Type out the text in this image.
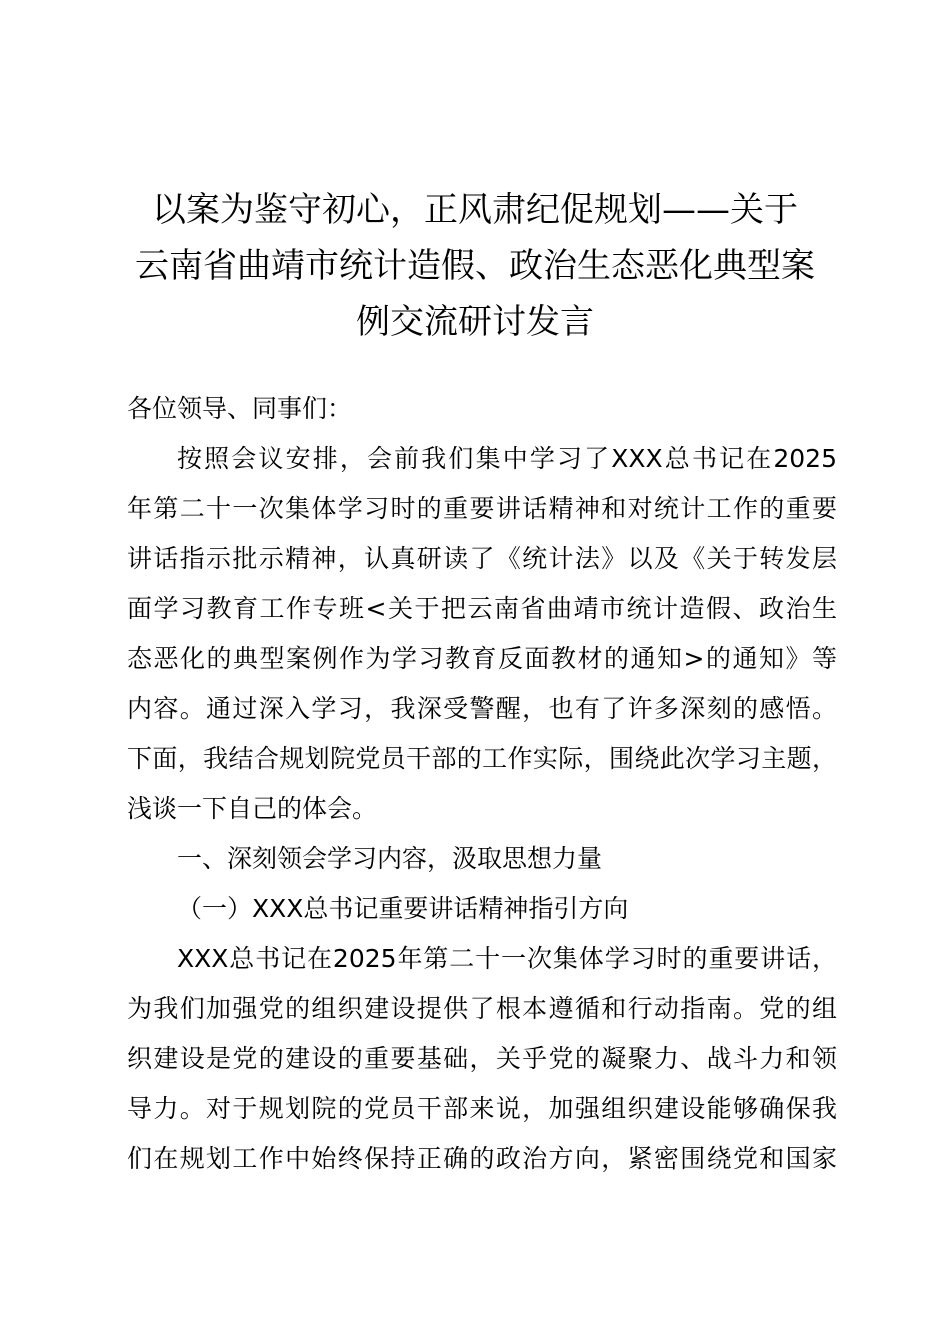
以案为鉴守初心，正风肃纪促规划——关于
云南省曲靖市统计造假、政治生态恶化典型案
例交流研讨发言

各位领导、同事们：

按照会议安排，会前我们集中学习了XXX总书记在2025
年第二十一次集体学习时的重要讲话精神和对统计工作的重要
讲话指示批示精神，认真研读了《统计法》以及《关于转发层
面学习教育工作专班<关于把云南省曲靖市统计造假、政治生
态恶化的典型案例作为学习教育反面教材的通知>的通知》等
内容。通过深入学习，我深受警醒，也有了许多深刻的感悟。
下面，我结合规划院党员干部的工作实际，围绕此次学习主题，
浅谈一下自己的体会。

一、深刻领会学习内容，汲取思想力量

（一）XXX总书记重要讲话精神指引方向

XXX总书记在2025年第二十一次集体学习时的重要讲话，
为我们加强党的组织建设提供了根本遵循和行动指南。党的组
织建设是党的建设的重要基础，关乎党的凝聚力、战斗力和领
导力。对于规划院的党员干部来说，加强组织建设能够确保我
们在规划工作中始终保持正确的政治方向，紧密围绕党和国家
